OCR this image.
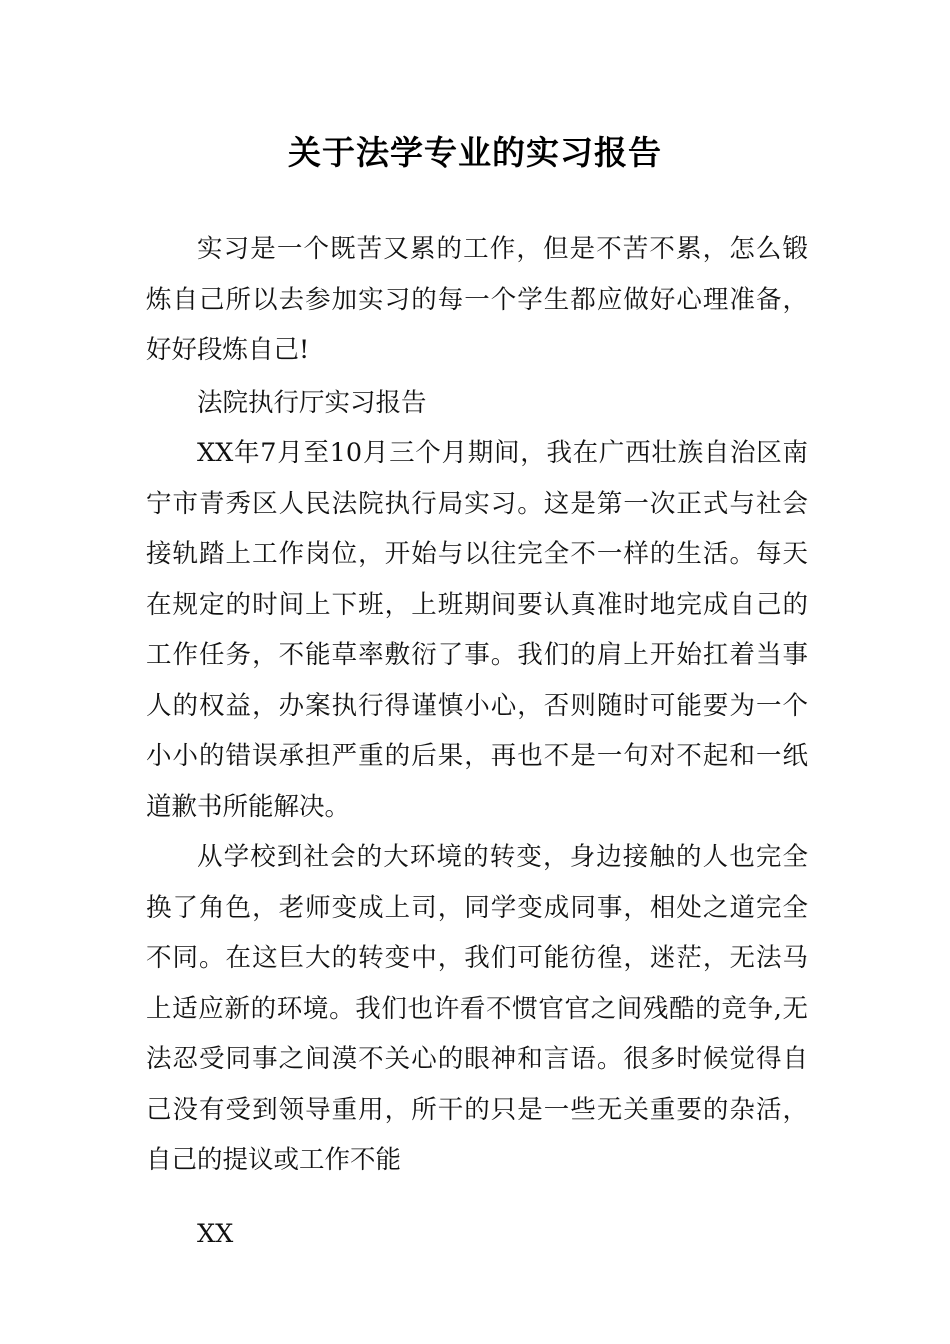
关于法学专业的实习报告

实习是一个既苦又累的工作，但是不苦不累，怎么锻炼自己所以去参加实习的每一个学生都应做好心理准备，好好段炼自己!

法院执行厅实习报告

XX年7月至10月三个月期间，我在广西壮族自治区南宁市青秀区人民法院执行局实习。这是第一次正式与社会接轨踏上工作岗位，开始与以往完全不一样的生活。每天在规定的时间上下班，上班期间要认真准时地完成自己的工作任务，不能草率敷衍了事。我们的肩上开始扛着当事人的权益，办案执行得谨慎小心，否则随时可能要为一个小小的错误承担严重的后果，再也不是一句对不起和一纸道歉书所能解决。

从学校到社会的大环境的转变，身边接触的人也完全换了角色，老师变成上司，同学变成同事，相处之道完全不同。在这巨大的转变中，我们可能彷徨，迷茫，无法马上适应新的环境。我们也许看不惯官官之间残酷的竞争,无法忍受同事之间漠不关心的眼神和言语。很多时候觉得自己没有受到领导重用，所干的只是一些无关重要的杂活，自己的提议或工作不能

XX
